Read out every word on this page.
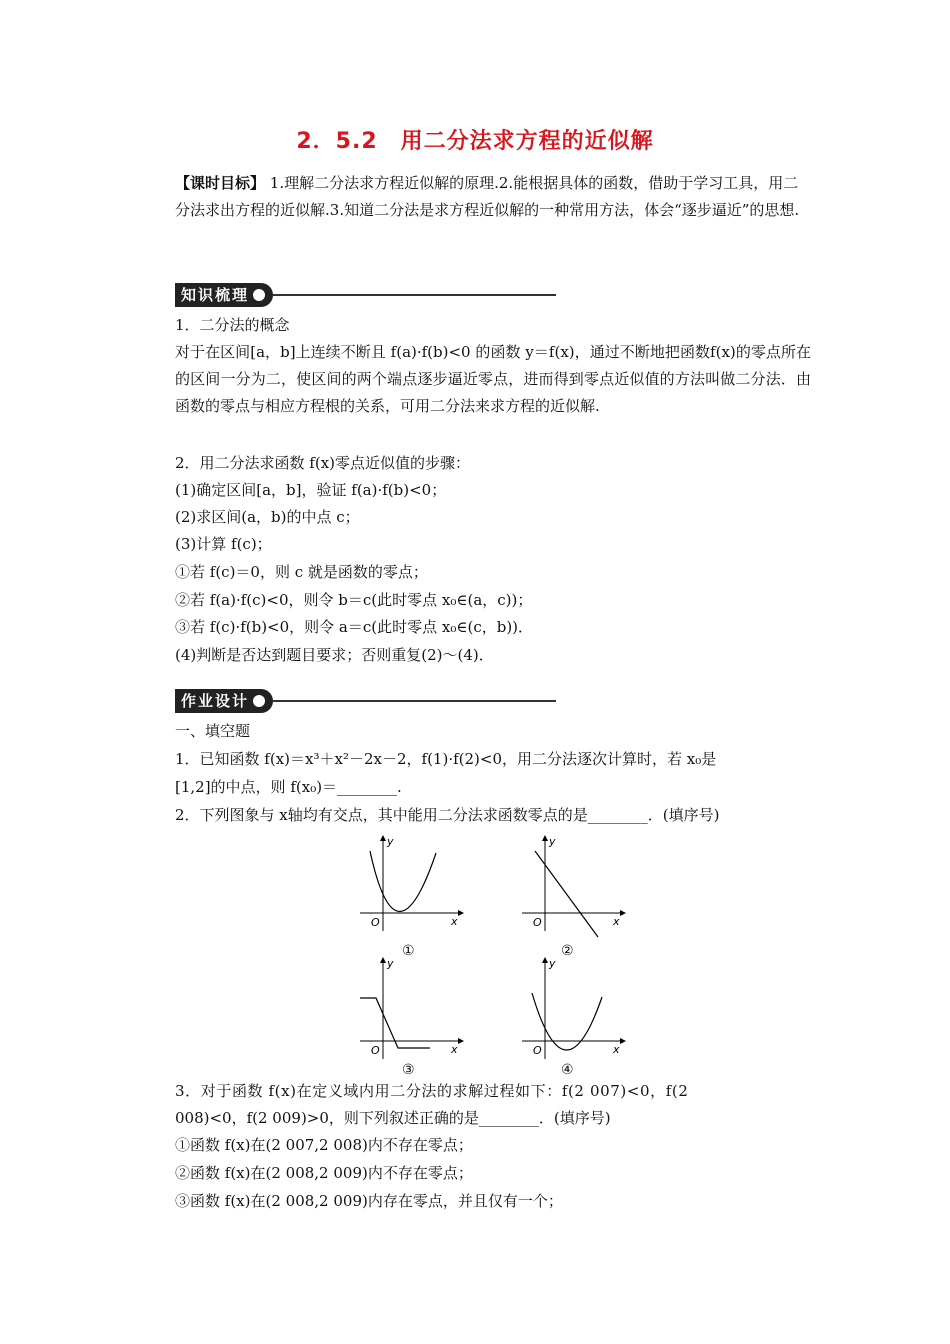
2．5.2　用二分法求方程的近似解
【课时目标】 1.理解二分法求方程近似解的原理.2.能根据具体的函数，借助于学习工具，用二分法求出方程的近似解.3.知道二分法是求方程近似解的一种常用方法，体会“逐步逼近”的思想.
知识梳理
1．二分法的概念
对于在区间[a，b]上连续不断且 f(a)·f(b)<0 的函数 y＝f(x)，通过不断地把函数f(x)的零点所在的区间一分为二，使区间的两个端点逐步逼近零点，进而得到零点近似值的方法叫做二分法．由函数的零点与相应方程根的关系，可用二分法来求方程的近似解.
2．用二分法求函数 f(x)零点近似值的步骤：
(1)确定区间[a，b]，验证 f(a)·f(b)<0；
(2)求区间(a，b)的中点 c；
(3)计算 f(c)；
①若 f(c)＝0，则 c 就是函数的零点；
②若 f(a)·f(c)<0，则令 b＝c(此时零点 x₀∈(a，c))；
③若 f(c)·f(b)<0，则令 a＝c(此时零点 x₀∈(c，b))．
(4)判断是否达到题目要求；否则重复(2)～(4)．
作业设计
一、填空题
1．已知函数 f(x)＝x³＋x²－2x－2，f(1)·f(2)<0，用二分法逐次计算时，若 x₀是
[1,2]的中点，则 f(x₀)＝________.
2．下列图象与 x轴均有交点，其中能用二分法求函数零点的是________．(填序号)
y
x
O
①
y
x
O
②
y
x
O
③
y
x
O
④
3．对于函数 f(x)在定义域内用二分法的求解过程如下：f(2 007)<0，f(2
008)<0，f(2 009)>0，则下列叙述正确的是________．(填序号)
①函数 f(x)在(2 007,2 008)内不存在零点；
②函数 f(x)在(2 008,2 009)内不存在零点；
③函数 f(x)在(2 008,2 009)内存在零点，并且仅有一个；
